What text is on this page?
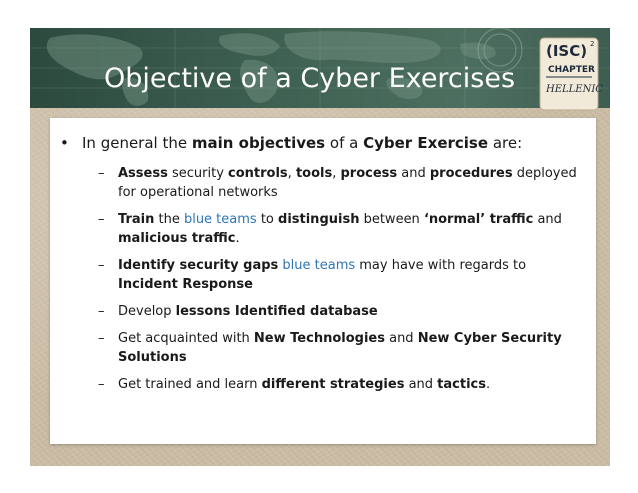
Objective of a Cyber Exercises
(ISC) 2
CHAPTER
HELLENIC
• In general the main objectives of a Cyber Exercise are:
– Assess security controls, tools, process and procedures deployed for operational networks
– Train the blue teams to distinguish between ‘normal’ traffic and malicious traffic.
– Identify security gaps blue teams may have with regards to Incident Response
– Develop lessons Identified database
– Get acquainted with New Technologies and New Cyber Security Solutions
– Get trained and learn different strategies and tactics.
